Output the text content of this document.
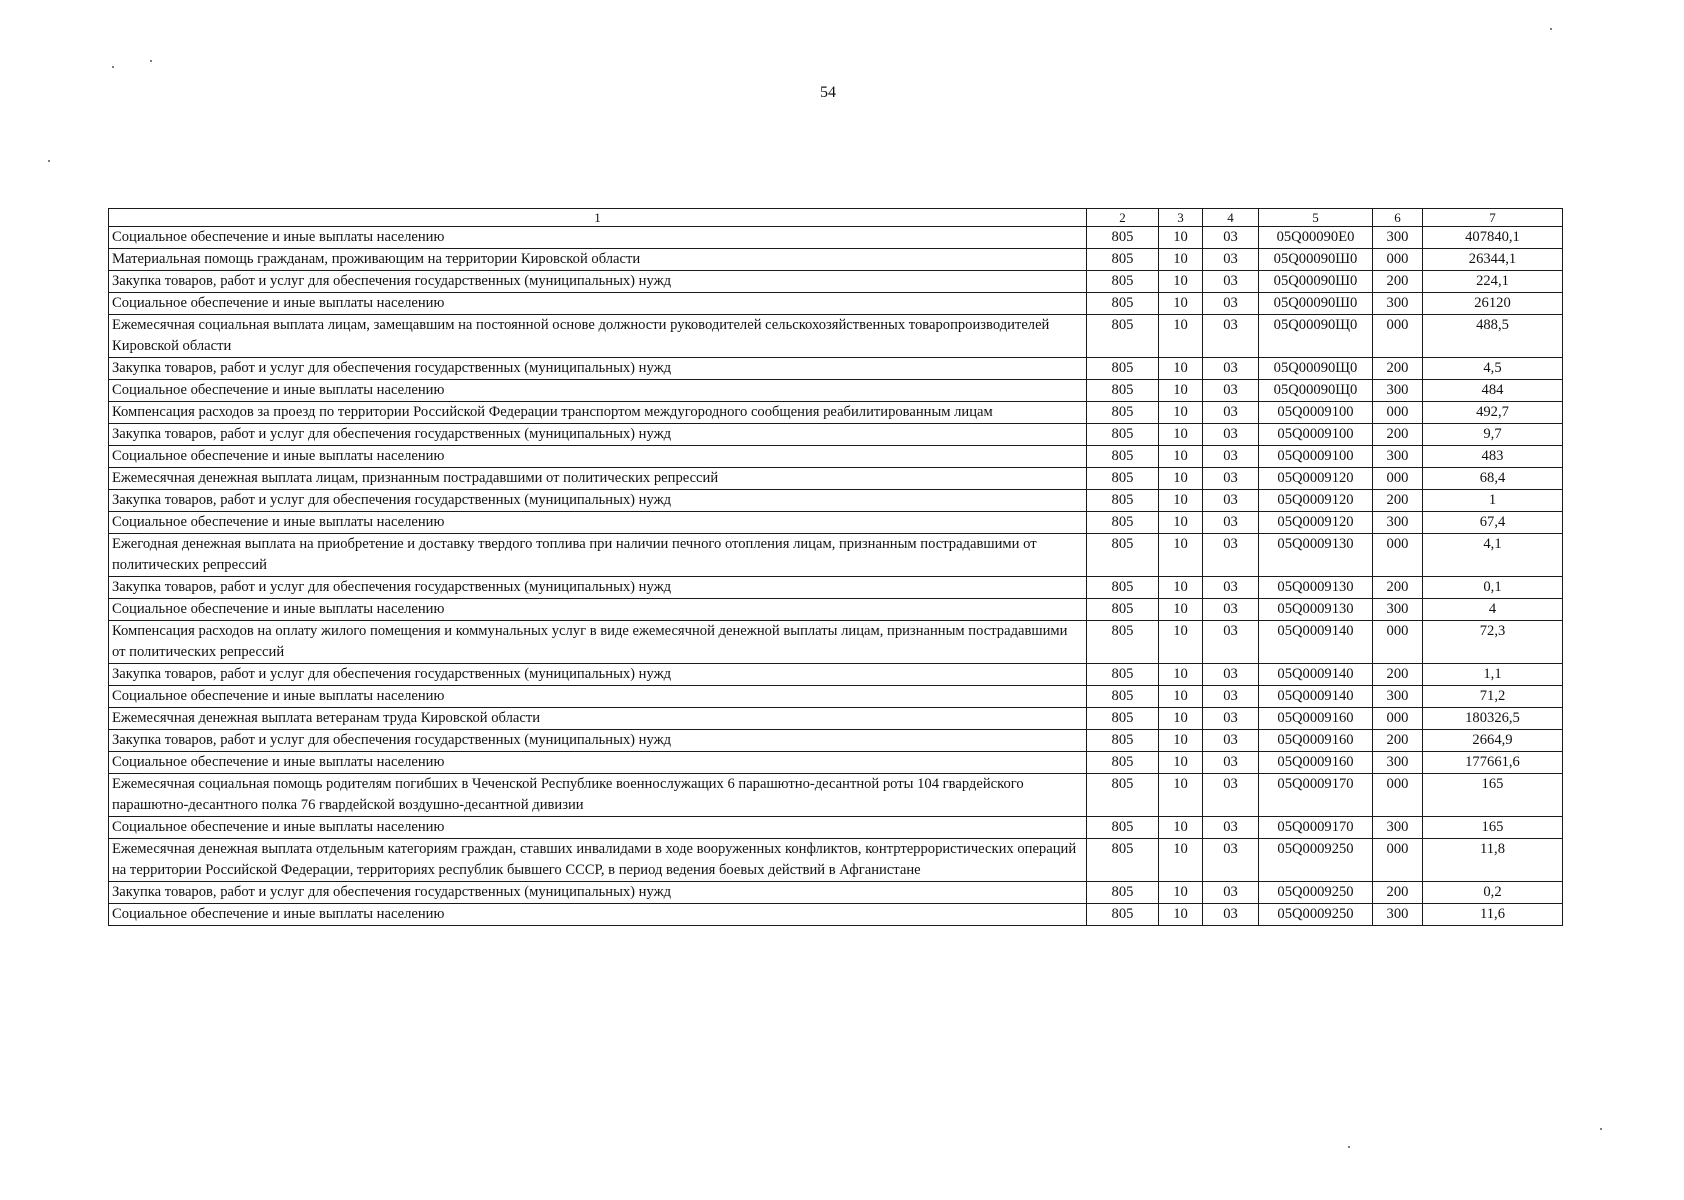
54
1	2	3	4	5	6	7
Социальное обеспечение и иные выплаты населению	805	10	03	05Q00090E0	300	407840,1
Материальная помощь гражданам, проживающим на территории Кировской области	805	10	03	05Q00090Ш0	000	26344,1
Закупка товаров, работ и услуг для обеспечения государственных (муниципальных) нужд	805	10	03	05Q00090Ш0	200	224,1
Социальное обеспечение и иные выплаты населению	805	10	03	05Q00090Ш0	300	26120
Ежемесячная социальная выплата лицам, замещавшим на постоянной основе должности руководителей сельскохозяйственных товаропроизводителей Кировской области	805	10	03	05Q00090Щ0	000	488,5
Закупка товаров, работ и услуг для обеспечения государственных (муниципальных) нужд	805	10	03	05Q00090Щ0	200	4,5
Социальное обеспечение и иные выплаты населению	805	10	03	05Q00090Щ0	300	484
Компенсация расходов за проезд по территории Российской Федерации транспортом междугородного сообщения реабилитированным лицам	805	10	03	05Q0009100	000	492,7
Закупка товаров, работ и услуг для обеспечения государственных (муниципальных) нужд	805	10	03	05Q0009100	200	9,7
Социальное обеспечение и иные выплаты населению	805	10	03	05Q0009100	300	483
Ежемесячная денежная выплата лицам, признанным пострадавшими от политических репрессий	805	10	03	05Q0009120	000	68,4
Закупка товаров, работ и услуг для обеспечения государственных (муниципальных) нужд	805	10	03	05Q0009120	200	1
Социальное обеспечение и иные выплаты населению	805	10	03	05Q0009120	300	67,4
Ежегодная денежная выплата на приобретение и доставку твердого топлива при наличии печного отопления лицам, признанным пострадавшими от политических репрессий	805	10	03	05Q0009130	000	4,1
Закупка товаров, работ и услуг для обеспечения государственных (муниципальных) нужд	805	10	03	05Q0009130	200	0,1
Социальное обеспечение и иные выплаты населению	805	10	03	05Q0009130	300	4
Компенсация расходов на оплату жилого помещения и коммунальных услуг в виде ежемесячной денежной выплаты лицам, признанным пострадавшими от политических репрессий	805	10	03	05Q0009140	000	72,3
Закупка товаров, работ и услуг для обеспечения государственных (муниципальных) нужд	805	10	03	05Q0009140	200	1,1
Социальное обеспечение и иные выплаты населению	805	10	03	05Q0009140	300	71,2
Ежемесячная денежная выплата ветеранам труда Кировской области	805	10	03	05Q0009160	000	180326,5
Закупка товаров, работ и услуг для обеспечения государственных (муниципальных) нужд	805	10	03	05Q0009160	200	2664,9
Социальное обеспечение и иные выплаты населению	805	10	03	05Q0009160	300	177661,6
Ежемесячная социальная помощь родителям погибших в Чеченской Республике военнослужащих 6 парашютно-десантной роты 104 гвардейского парашютно-десантного полка 76 гвардейской воздушно-десантной дивизии	805	10	03	05Q0009170	000	165
Социальное обеспечение и иные выплаты населению	805	10	03	05Q0009170	300	165
Ежемесячная денежная выплата отдельным категориям граждан, ставших инвалидами в ходе вооруженных конфликтов, контртеррористических операций на территории Российской Федерации, территориях республик бывшего СССР, в период ведения боевых действий в Афганистане	805	10	03	05Q0009250	000	11,8
Закупка товаров, работ и услуг для обеспечения государственных (муниципальных) нужд	805	10	03	05Q0009250	200	0,2
Социальное обеспечение и иные выплаты населению	805	10	03	05Q0009250	300	11,6
